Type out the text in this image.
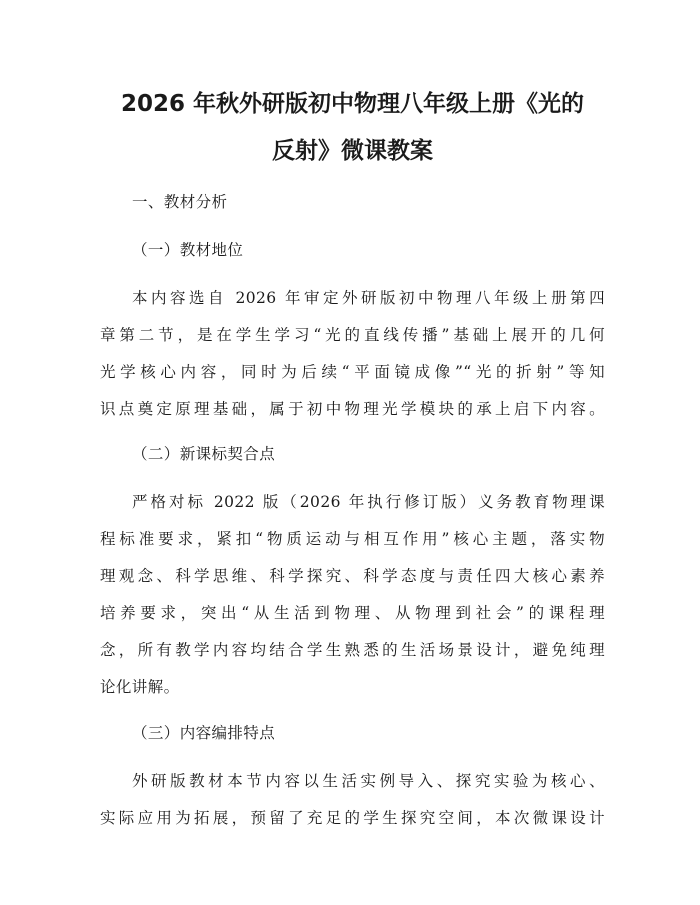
2026 年秋外研版初中物理八年级上册《光的
反射》微课教案
一、教材分析
（一）教材地位
本内容选自 2026 年审定外研版初中物理八年级上册第四
章第二节，是在学生学习“光的直线传播”基础上展开的几何
光学核心内容，同时为后续“平面镜成像”“光的折射”等知
识点奠定原理基础，属于初中物理光学模块的承上启下内容。
（二）新课标契合点
严格对标 2022 版（2026 年执行修订版）义务教育物理课
程标准要求，紧扣“物质运动与相互作用”核心主题，落实物
理观念、科学思维、科学探究、科学态度与责任四大核心素养
培养要求，突出“从生活到物理、从物理到社会”的课程理
念，所有教学内容均结合学生熟悉的生活场景设计，避免纯理
论化讲解。
（三）内容编排特点
外研版教材本节内容以生活实例导入、探究实验为核心、
实际应用为拓展，预留了充足的学生探究空间，本次微课设计
